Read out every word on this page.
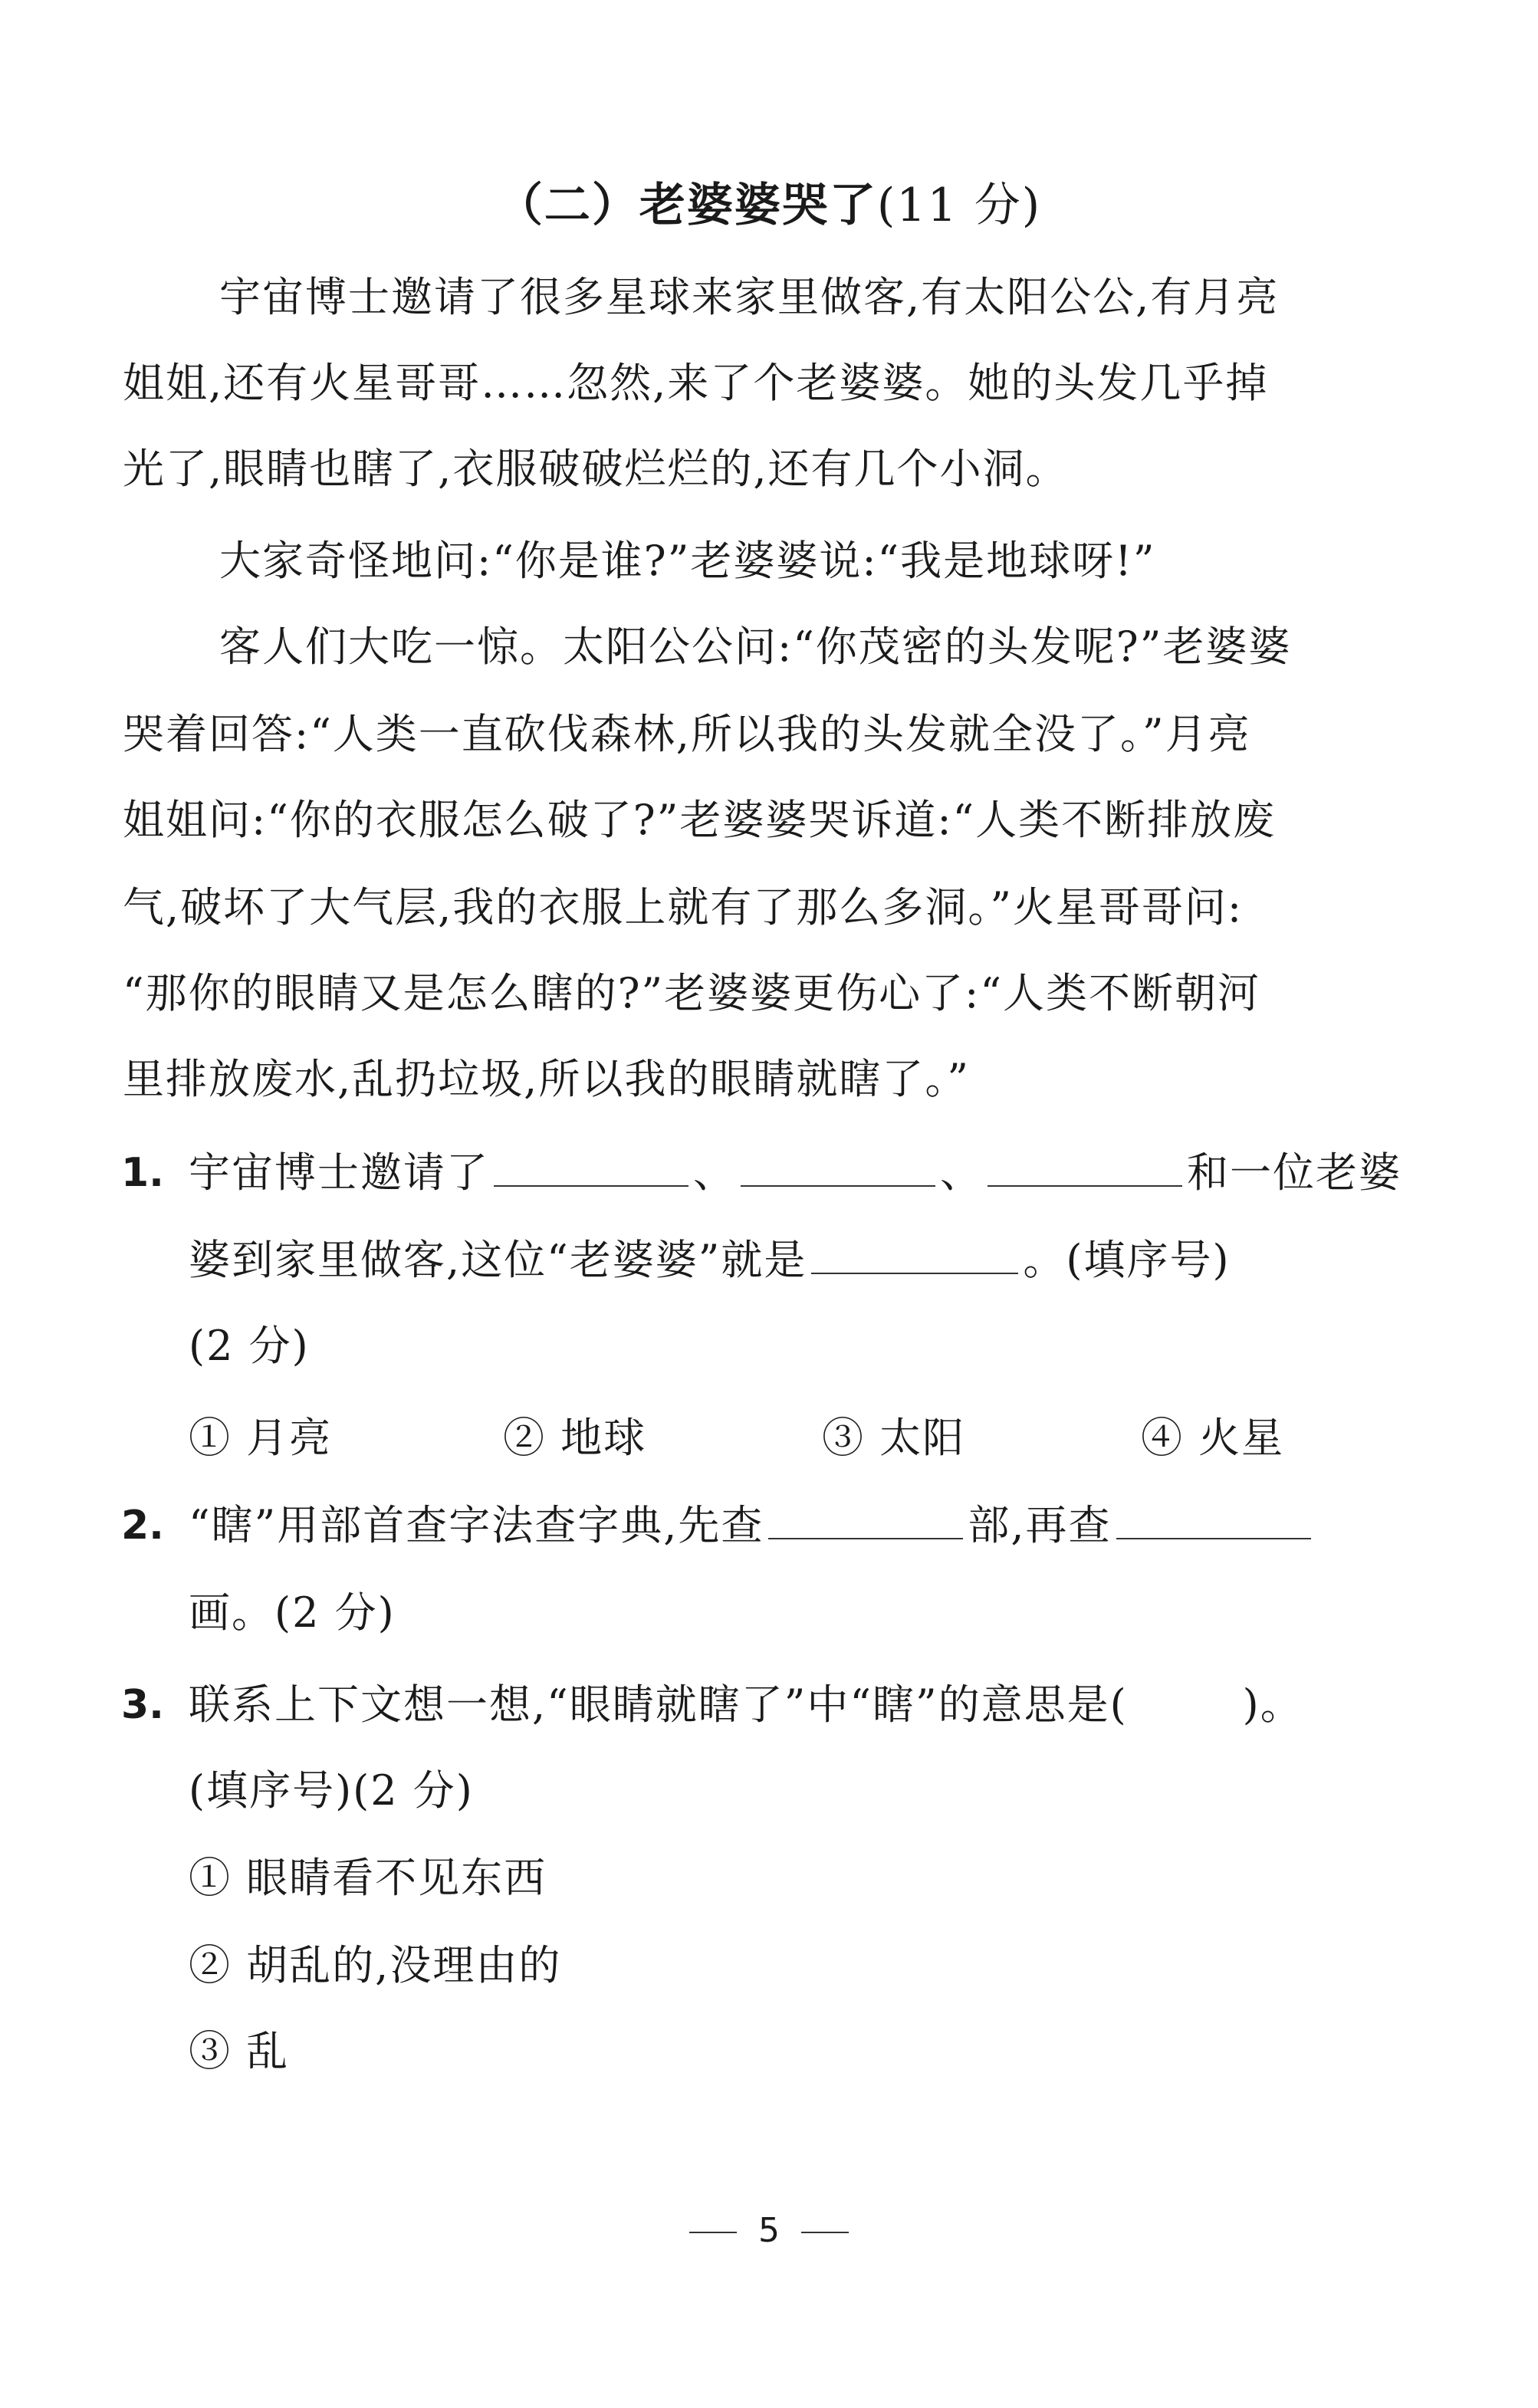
（二）老婆婆哭了(11 分)
宇宙博士邀请了很多星球来家里做客,有太阳公公,有月亮
姐姐,还有火星哥哥……忽然,来了个老婆婆。她的头发几乎掉
光了,眼睛也瞎了,衣服破破烂烂的,还有几个小洞。
大家奇怪地问:“你是谁?”老婆婆说:“我是地球呀!”
客人们大吃一惊。太阳公公问:“你茂密的头发呢?”老婆婆
哭着回答:“人类一直砍伐森林,所以我的头发就全没了。”月亮
姐姐问:“你的衣服怎么破了?”老婆婆哭诉道:“人类不断排放废
气,破坏了大气层,我的衣服上就有了那么多洞。”火星哥哥问:
“那你的眼睛又是怎么瞎的?”老婆婆更伤心了:“人类不断朝河
里排放废水,乱扔垃圾,所以我的眼睛就瞎了。”
1. 宇宙博士邀请了	、	、	和一位老婆
婆到家里做客,这位“老婆婆”就是	。(填序号)
(2 分)
① 月亮	② 地球	③ 太阳	④ 火星
2. “瞎”用部首查字法查字典,先查	部,再查
画。(2 分)
3. 联系上下文想一想,“眼睛就瞎了”中“瞎”的意思是(	)。
(填序号)(2 分)
① 眼睛看不见东西
② 胡乱的,没理由的
③ 乱
5
